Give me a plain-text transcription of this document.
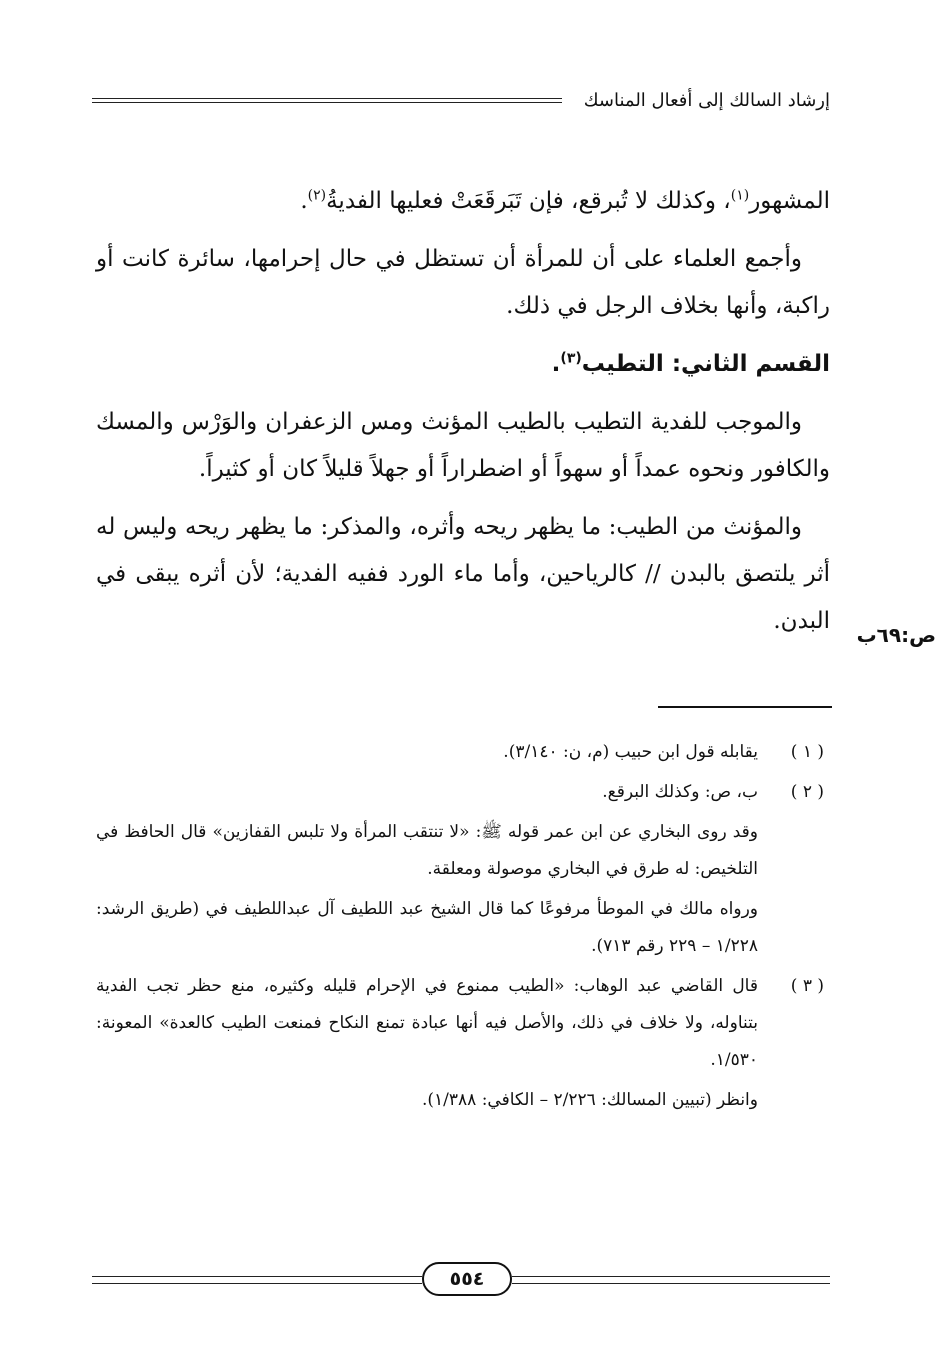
إرشاد السالك إلى أفعال المناسك

المشهور$^{(١)}$، وكذلك لا تُبرقع، فإن تَبَرقَعَتْ فعليها الفديةُ$^{(٢)}$.

وأجمع العلماء على أن للمرأة أن تستظل في حال إحرامها، سائرة كانت أو راكبة، وأنها بخلاف الرجل في ذلك.

القسم الثاني: التطيب$^{(٣)}$.

والموجب للفدية التطيب بالطيب المؤنث ومس الزعفران والوَرْس والمسك والكافور ونحوه عمداً أو سهواً أو اضطراراً أو جهلاً قليلاً كان أو كثيراً.

والمؤنث من الطيب: ما يظهر ريحه وأثره، والمذكر: ما يظهر ريحه وليس له أثر يلتصق بالبدن // كالرياحين، وأما ماء الورد ففيه الفدية؛ لأن أثره يبقى في البدن.

ص:٦٩ب
( ١ )
يقابله قول ابن حبيب (م، ن: ٣/١٤٠).
( ٢ )
ب، ص: وكذلك البرقع.
وقد روى البخاري عن ابن عمر قوله ﷺ: «لا تنتقب المرأة ولا تلبس القفازين» قال الحافظ في التلخيص: له طرق في البخاري موصولة ومعلقة.
ورواه مالك في الموطأ مرفوعًا كما قال الشيخ عبد اللطيف آل عبداللطيف في (طريق الرشد: ١/٢٢٨ – ٢٢٩ رقم ٧١٣).
( ٣ )
قال القاضي عبد الوهاب: «الطيب ممنوع في الإحرام قليله وكثيره، منع حظر تجب الفدية بتناوله، ولا خلاف في ذلك، والأصل فيه أنها عبادة تمنع النكاح فمنعت الطيب كالعدة» المعونة: ١/٥٣٠.
وانظر (تبيين المسالك: ٢/٢٢٦ – الكافي: ١/٣٨٨).
٥٥٤
